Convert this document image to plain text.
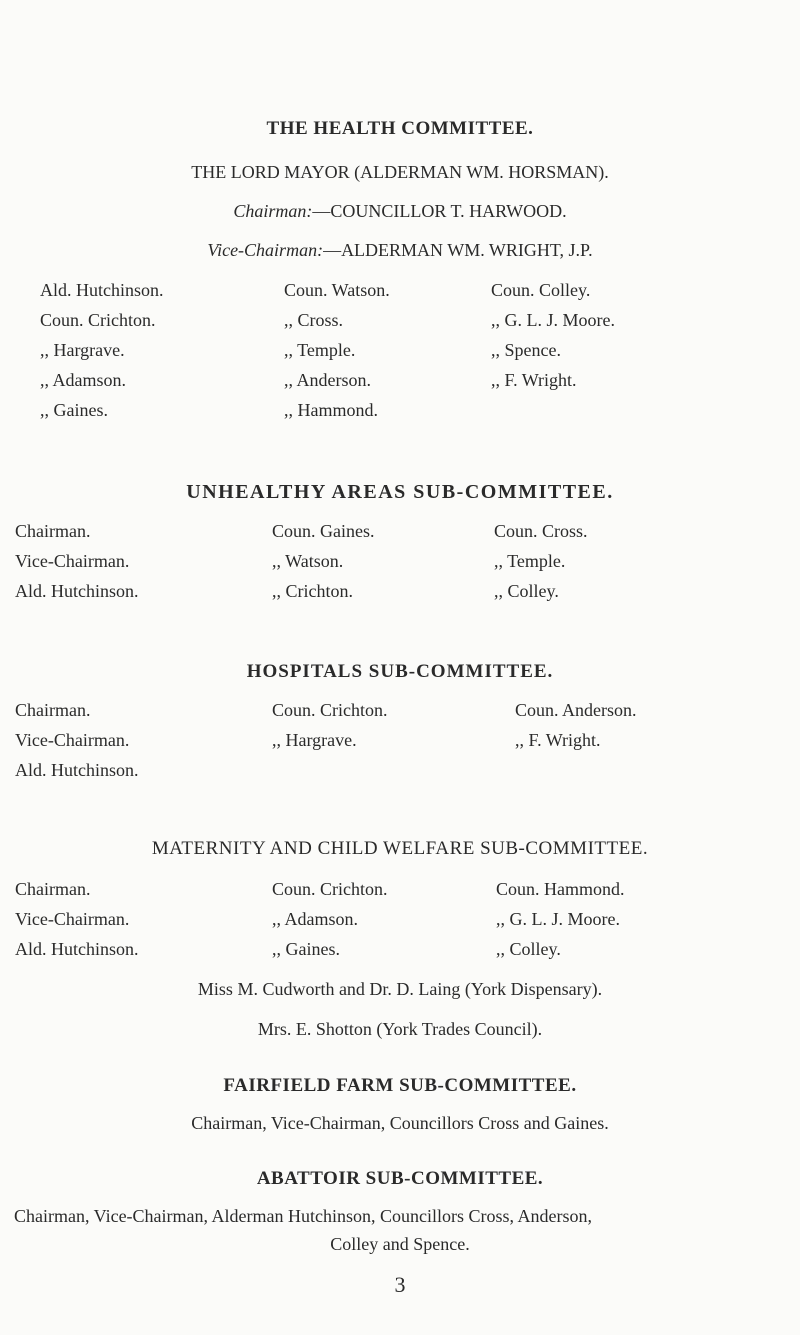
THE HEALTH COMMITTEE.
THE LORD MAYOR (ALDERMAN WM. HORSMAN).
Chairman:—COUNCILLOR T. HARWOOD.
Vice-Chairman:—ALDERMAN WM. WRIGHT, J.P.
Ald. Hutchinson.	Coun. Watson.	Coun. Colley.
Coun. Crichton.	,, Cross.	,, G. L. J. Moore.
,, Hargrave.	,, Temple.	,, Spence.
,, Adamson.	,, Anderson.	,, F. Wright.
,, Gaines.	,, Hammond.
UNHEALTHY AREAS SUB-COMMITTEE.
Chairman.	Coun. Gaines.	Coun. Cross.
Vice-Chairman.	,, Watson.	,, Temple.
Ald. Hutchinson.	,, Crichton.	,, Colley.
HOSPITALS SUB-COMMITTEE.
Chairman.	Coun. Crichton.	Coun. Anderson.
Vice-Chairman.	,, Hargrave.	,, F. Wright.
Ald. Hutchinson.
MATERNITY AND CHILD WELFARE SUB-COMMITTEE.
Chairman.	Coun. Crichton.	Coun. Hammond.
Vice-Chairman.	,, Adamson.	,, G. L. J. Moore.
Ald. Hutchinson.	,, Gaines.	,, Colley.
Miss M. Cudworth and Dr. D. Laing (York Dispensary).
Mrs. E. Shotton (York Trades Council).
FAIRFIELD FARM SUB-COMMITTEE.
Chairman, Vice-Chairman, Councillors Cross and Gaines.
ABATTOIR SUB-COMMITTEE.
Chairman, Vice-Chairman, Alderman Hutchinson, Councillors Cross, Anderson,
Colley and Spence.
3
